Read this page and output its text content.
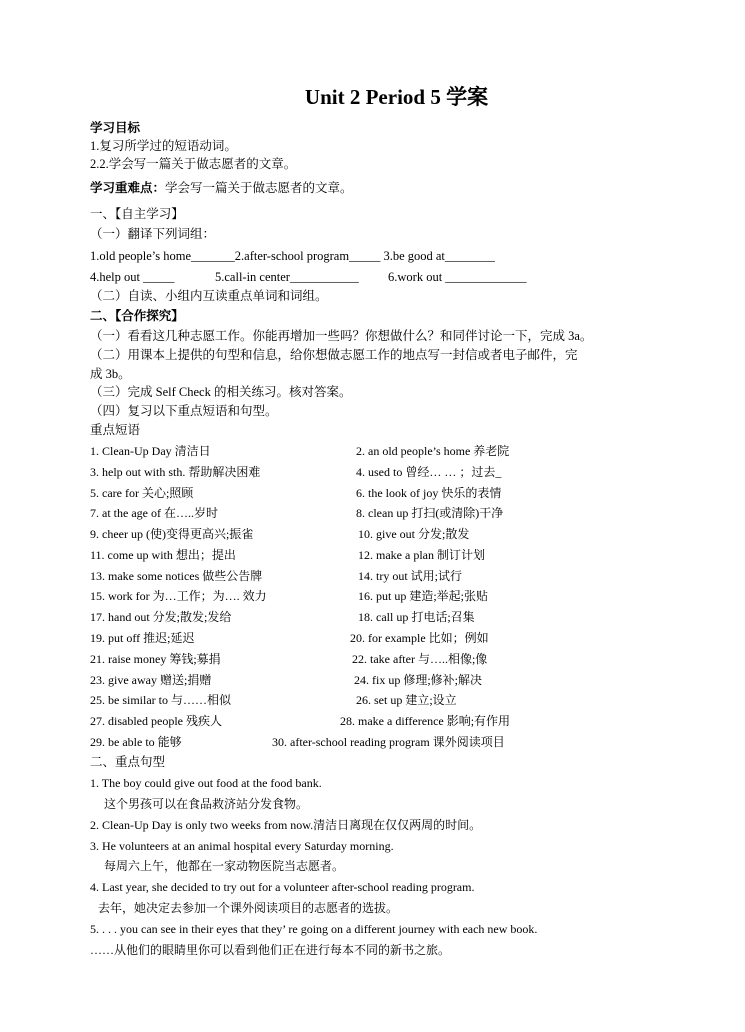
Unit 2 Period 5 学案
学习目标
1.复习所学过的短语动词。
2.2.学会写一篇关于做志愿者的文章。
学习重难点：学会写一篇关于做志愿者的文章。
一、【自主学习】
（一）翻译下列词组：
1.old people’s home_______2.after-school program_____ 3.be good at________
4.help out _____	5.call-in center___________ 6.work out _____________
（二）自读、小组内互读重点单词和词组。
二、【合作探究】
（一）看看这几种志愿工作。你能再增加一些吗？你想做什么？和同伴讨论一下，完成 3a。
（二）用课本上提供的句型和信息，给你想做志愿工作的地点写一封信或者电子邮件，完
成 3b。
（三）完成 Self Check 的相关练习。核对答案。
（四）复习以下重点短语和句型。
重点短语
1. Clean-Up Day 清洁日	2. an old people’s home 养老院
3. help out with sth. 帮助解决困难	4. used to 曾经… … ；过去_
5. care for 关心;照顾	6. the look of joy 快乐的表情
7. at the age of 在…..岁时	8. clean up 打扫(或清除)干净
9. cheer up (使)变得更高兴;振雀	10. give out 分发;散发
11. come up with 想出；提出	12. make a plan 制订计划
13. make some notices 做些公告牌	14. try out 试用;试行
15. work for 为…工作；为…. 效力	16. put up 建造;举起;张贴
17. hand out 分发;散发;发给	18. call up 打电话;召集
19. put off 推迟;延迟	20. for example 比如；例如
21. raise money 筹钱;募捐	22. take after 与…..相像;像
23. give away 赠送;捐赠	24. fix up 修理;修补;解决
25. be similar to 与……相似	26. set up 建立;设立
27. disabled people 残疾人	28. make a difference 影响;有作用
29. be able to 能够	30. after-school reading program 课外阅读项目
二、重点句型
1. The boy could give out food at the food bank.
这个男孩可以在食品救济站分发食物。
2. Clean-Up Day is only two weeks from now.清洁日离现在仅仅两周的时间。
3. He volunteers at an animal hospital every Saturday morning.
每周六上午，他都在一家动物医院当志愿者。
4. Last year, she decided to try out for a volunteer after-school reading program.
去年，她决定去参加一个课外阅读项目的志愿者的选拔。
5. . . . you can see in their eyes that they’ re going on a different journey with each new book.
……从他们的眼睛里你可以看到他们正在进行每本不同的新书之旅。
